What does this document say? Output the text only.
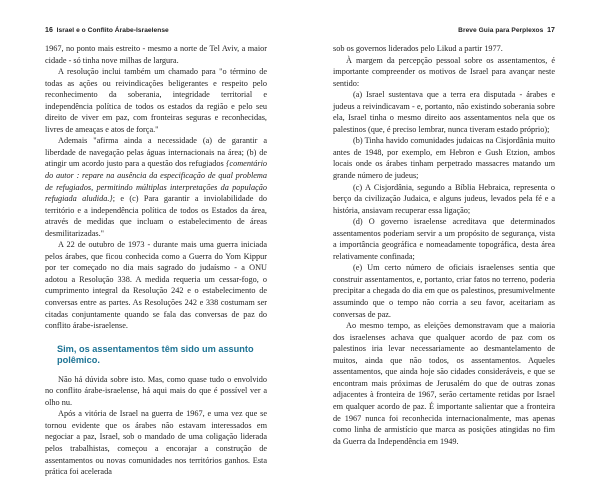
16 Israel e o Conflito Árabe-Israelense

1967, no ponto mais estreito - mesmo a norte de Tel Aviv, a maior cidade - só tinha nove milhas de largura.

A resolução inclui também um chamado para "o término de todas as ações ou reivindicações beligerantes e respeito pelo reconhecimento da soberania, integridade territorial e independência política de todos os estados da região e pelo seu direito de viver em paz, com fronteiras seguras e reconhecidas, livres de ameaças e atos de força."

Ademais "afirma ainda a necessidade (a) de garantir a liberdade de navegação pelas águas internacionais na área; (b) de atingir um acordo justo para a questão dos refugiados {comentário do autor : repare na ausência da especificação de qual problema de refugiados, permitindo múltiplas interpretações da população refugiada aludida.}; e (c) Para garantir a inviolabilidade do território e a independência política de todos os Estados da área, através de medidas que incluam o estabelecimento de áreas desmilitarizadas."

A 22 de outubro de 1973 - durante mais uma guerra iniciada pelos árabes, que ficou conhecida como a Guerra do Yom Kippur por ter começado no dia mais sagrado do judaísmo - a ONU adotou a Resolução 338. A medida requeria um cessar-fogo, o cumprimento integral da Resolução 242 e o estabelecimento de conversas entre as partes. As Resoluções 242 e 338 costumam ser citadas conjuntamente quando se fala das conversas de paz do conflito árabe-israelense.

Sim, os assentamentos têm sido um assunto polêmico.

Não há dúvida sobre isto. Mas, como quase tudo o envolvido no conflito árabe-israelense, há aqui mais do que é possível ver a olho nu.

Após a vitória de Israel na guerra de 1967, e uma vez que se tornou evidente que os árabes não estavam interessados em negociar a paz, Israel, sob o mandado de uma coligação liderada pelos trabalhistas, começou a encorajar a construção de assentamentos ou novas comunidades nos territórios ganhos. Esta prática foi acelerada

Breve Guia para Perplexos 17

sob os governos liderados pelo Likud a partir 1977.

À margem da percepção pessoal sobre os assentamentos, é importante compreender os motivos de Israel para avançar neste sentido:

(a) Israel sustentava que a terra era disputada - árabes e judeus a reivindicavam - e, portanto, não existindo soberania sobre ela, Israel tinha o mesmo direito aos assentamentos nela que os palestinos (que, é preciso lembrar, nunca tiveram estado próprio);

(b) Tinha havido comunidades judaicas na Cisjordânia muito antes de 1948, por exemplo, em Hebron e Gush Etzion, ambos locais onde os árabes tinham perpetrado massacres matando um grande número de judeus;

(c) A Cisjordânia, segundo a Bíblia Hebraica, representa o berço da civilização Judaica, e alguns judeus, levados pela fé e a história, ansiavam recuperar essa ligação;

(d) O governo israelense acreditava que determinados assentamentos poderiam servir a um propósito de segurança, vista a importância geográfica e nomeadamente topográfica, desta área relativamente confinada;

(e) Um certo número de oficiais israelenses sentia que construir assentamentos, e, portanto, criar fatos no terreno, poderia precipitar a chegada do dia em que os palestinos, presumivelmente assumindo que o tempo não corria a seu favor, aceitariam as conversas de paz.

Ao mesmo tempo, as eleições demonstravam que a maioria dos israelenses achava que qualquer acordo de paz com os palestinos iria levar necessariamente ao desmantelamento de muitos, ainda que não todos, os assentamentos. Aqueles assentamentos, que ainda hoje são cidades consideráveis, e que se encontram mais próximas de Jerusalém do que de outras zonas adjacentes à fronteira de 1967, serão certamente retidas por Israel em qualquer acordo de paz. É importante salientar que a fronteira de 1967 nunca foi reconhecida internacionalmente, mas apenas como linha de armistício que marca as posições atingidas no fim da Guerra da Independência em 1949.
